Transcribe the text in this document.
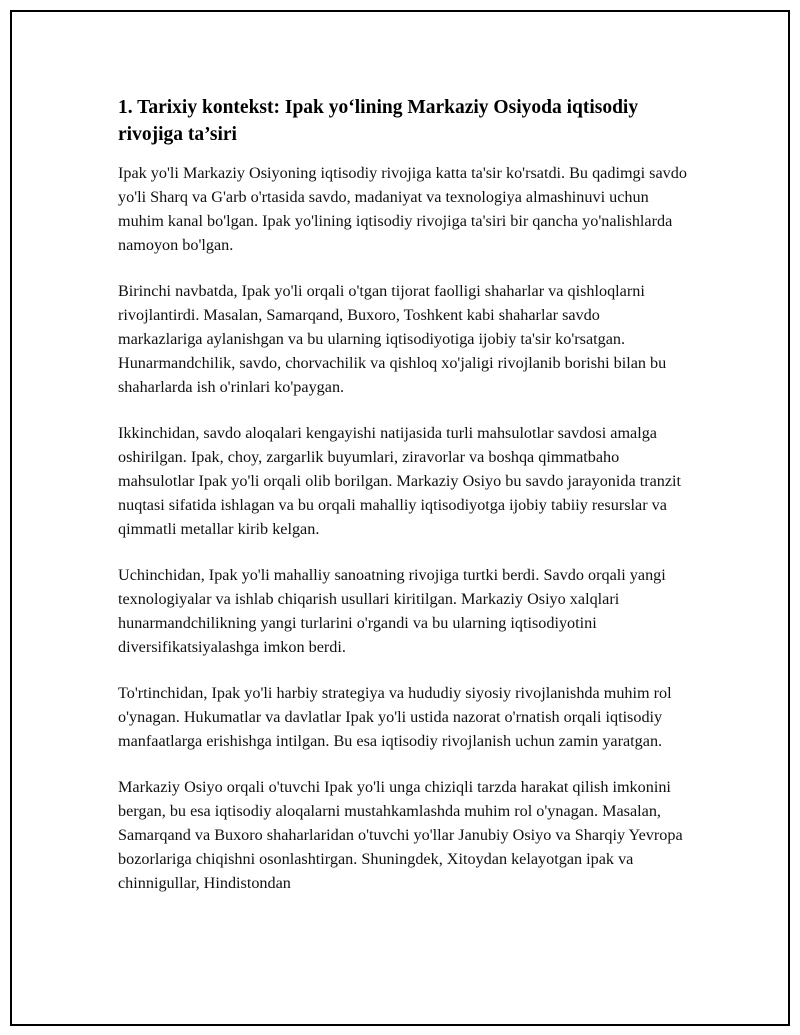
1. Tarixiy kontekst: Ipak yo‘lining Markaziy Osiyoda iqtisodiy rivojiga ta’siri

Ipak yo'li Markaziy Osiyoning iqtisodiy rivojiga katta ta'sir ko'rsatdi. Bu qadimgi savdo yo'li Sharq va G'arb o'rtasida savdo, madaniyat va texnologiya almashinuvi uchun muhim kanal bo'lgan. Ipak yo'lining iqtisodiy rivojiga ta'siri bir qancha yo'nalishlarda namoyon bo'lgan.

Birinchi navbatda, Ipak yo'li orqali o'tgan tijorat faolligi shaharlar va qishloqlarni rivojlantirdi. Masalan, Samarqand, Buxoro, Toshkent kabi shaharlar savdo markazlariga aylanishgan va bu ularning iqtisodiyotiga ijobiy ta'sir ko'rsatgan. Hunarmandchilik, savdo, chorvachilik va qishloq xo'jaligi rivojlanib borishi bilan bu shaharlarda ish o'rinlari ko'paygan.

Ikkinchidan, savdo aloqalari kengayishi natijasida turli mahsulotlar savdosi amalga oshirilgan. Ipak, choy, zargarlik buyumlari, ziravorlar va boshqa qimmatbaho mahsulotlar Ipak yo'li orqali olib borilgan. Markaziy Osiyo bu savdo jarayonida tranzit nuqtasi sifatida ishlagan va bu orqali mahalliy iqtisodiyotga ijobiy tabiiy resurslar va qimmatli metallar kirib kelgan.

Uchinchidan, Ipak yo'li mahalliy sanoatning rivojiga turtki berdi. Savdo orqali yangi texnologiyalar va ishlab chiqarish usullari kiritilgan. Markaziy Osiyo xalqlari hunarmandchilikning yangi turlarini o'rgandi va bu ularning iqtisodiyotini diversifikatsiyalashga imkon berdi.

To'rtinchidan, Ipak yo'li harbiy strategiya va hududiy siyosiy rivojlanishda muhim rol o'ynagan. Hukumatlar va davlatlar Ipak yo'li ustida nazorat o'rnatish orqali iqtisodiy manfaatlarga erishishga intilgan. Bu esa iqtisodiy rivojlanish uchun zamin yaratgan.

Markaziy Osiyo orqali o'tuvchi Ipak yo'li unga chiziqli tarzda harakat qilish imkonini bergan, bu esa iqtisodiy aloqalarni mustahkamlashda muhim rol o'ynagan. Masalan, Samarqand va Buxoro shaharlaridan o'tuvchi yo'llar Janubiy Osiyo va Sharqiy Yevropa bozorlariga chiqishni osonlashtirgan. Shuningdek, Xitoydan kelayotgan ipak va chinnigullar, Hindistondan
